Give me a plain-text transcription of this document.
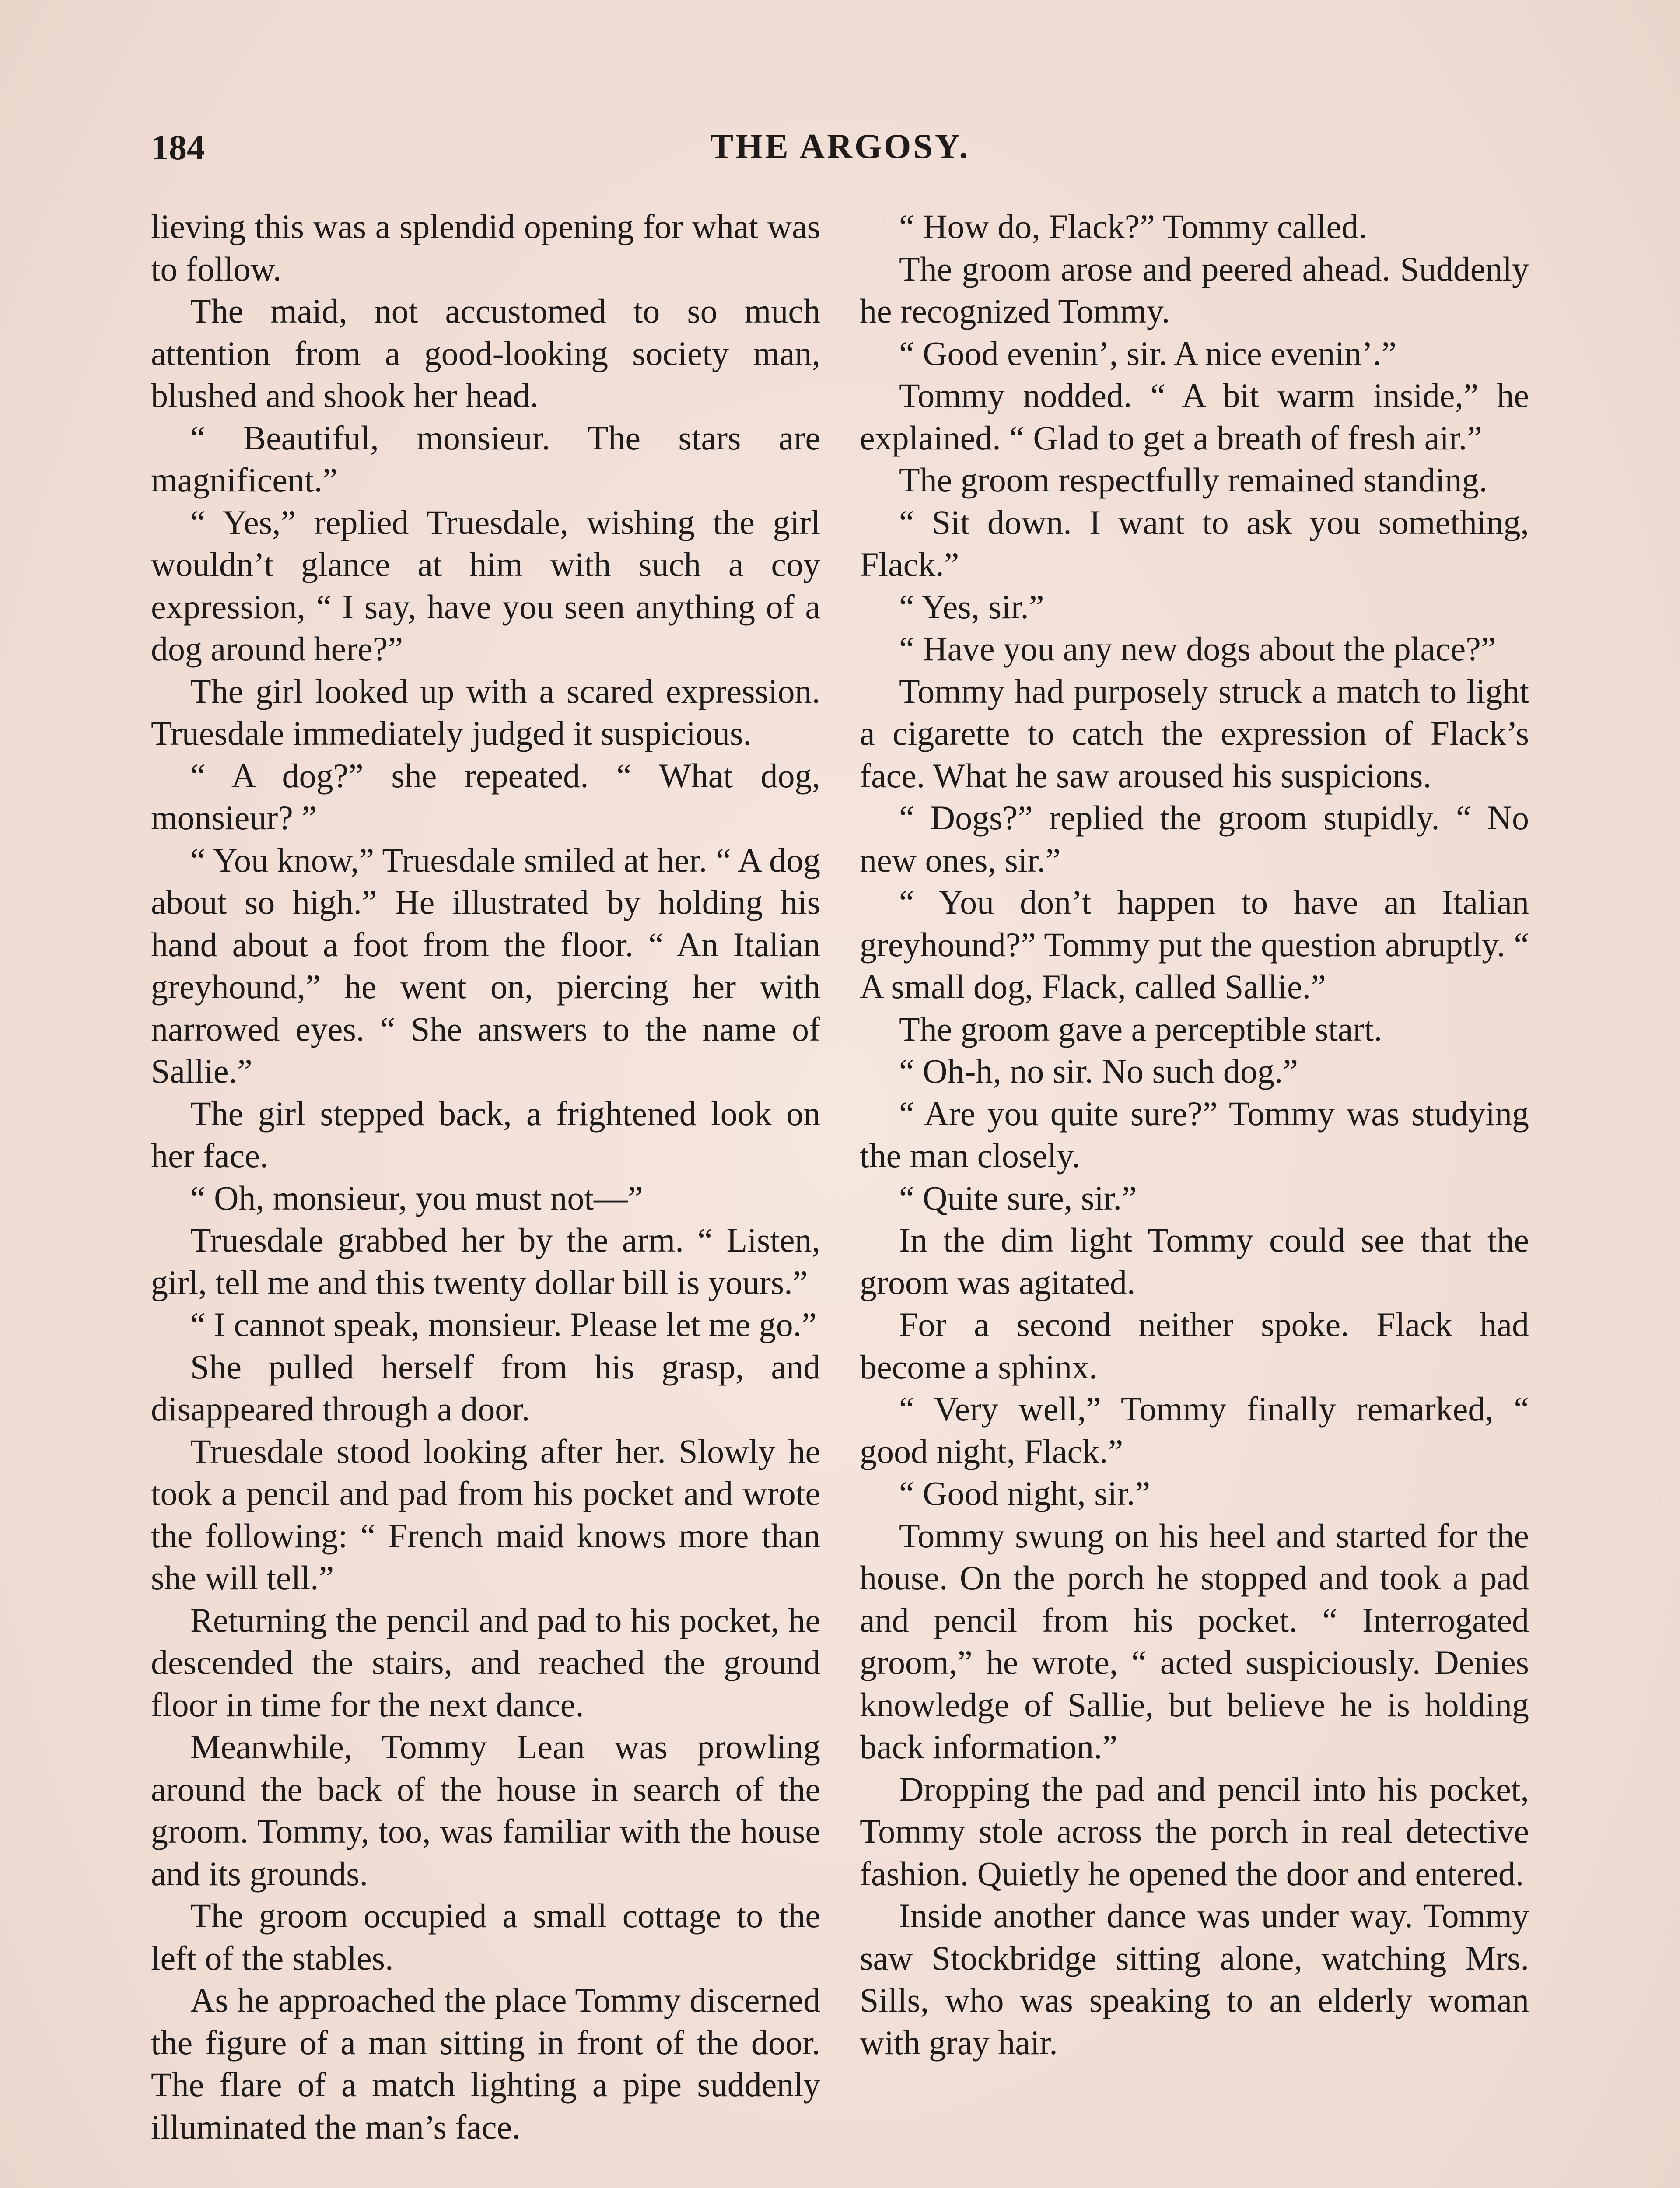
184	THE ARGOSY.

lieving this was a splendid opening for what was to follow.

The maid, not accustomed to so much attention from a good-looking society man, blushed and shook her head.

“ Beautiful, monsieur. The stars are magnificent.”

“ Yes,” replied Truesdale, wishing the girl wouldn’t glance at him with such a coy expression, “ I say, have you seen anything of a dog around here?”

The girl looked up with a scared expression. Truesdale immediately judged it suspicious.

“ A dog?” she repeated. “ What dog, monsieur? ”

“ You know,” Truesdale smiled at her. “ A dog about so high.” He illustrated by holding his hand about a foot from the floor. “ An Italian greyhound,” he went on, piercing her with narrowed eyes. “ She answers to the name of Sallie.”

The girl stepped back, a frightened look on her face.

“ Oh, monsieur, you must not—”

Truesdale grabbed her by the arm. “ Listen, girl, tell me and this twenty dollar bill is yours.”

“ I cannot speak, monsieur. Please let me go.”

She pulled herself from his grasp, and disappeared through a door.

Truesdale stood looking after her. Slowly he took a pencil and pad from his pocket and wrote the following: “ French maid knows more than she will tell.”

Returning the pencil and pad to his pocket, he descended the stairs, and reached the ground floor in time for the next dance.

Meanwhile, Tommy Lean was prowling around the back of the house in search of the groom. Tommy, too, was familiar with the house and its grounds.

The groom occupied a small cottage to the left of the stables.

As he approached the place Tommy discerned the figure of a man sitting in front of the door. The flare of a match lighting a pipe suddenly illuminated the man’s face.

“ How do, Flack?” Tommy called.

The groom arose and peered ahead. Suddenly he recognized Tommy.

“ Good evenin’, sir. A nice evenin’.”

Tommy nodded. “ A bit warm inside,” he explained. “ Glad to get a breath of fresh air.”

The groom respectfully remained standing.

“ Sit down. I want to ask you something, Flack.”

“ Yes, sir.”

“ Have you any new dogs about the place?”

Tommy had purposely struck a match to light a cigarette to catch the expression of Flack’s face. What he saw aroused his suspicions.

“ Dogs?” replied the groom stupidly. “ No new ones, sir.”

“ You don’t happen to have an Italian greyhound?” Tommy put the question abruptly. “ A small dog, Flack, called Sallie.”

The groom gave a perceptible start.

“ Oh-h, no sir. No such dog.”

“ Are you quite sure?” Tommy was studying the man closely.

“ Quite sure, sir.”

In the dim light Tommy could see that the groom was agitated.

For a second neither spoke. Flack had become a sphinx.

“ Very well,” Tommy finally remarked, “ good night, Flack.”

“ Good night, sir.”

Tommy swung on his heel and started for the house. On the porch he stopped and took a pad and pencil from his pocket. “ Interrogated groom,” he wrote, “ acted suspiciously. Denies knowledge of Sallie, but believe he is holding back information.”

Dropping the pad and pencil into his pocket, Tommy stole across the porch in real detective fashion. Quietly he opened the door and entered.

Inside another dance was under way. Tommy saw Stockbridge sitting alone, watching Mrs. Sills, who was speaking to an elderly woman with gray hair.
